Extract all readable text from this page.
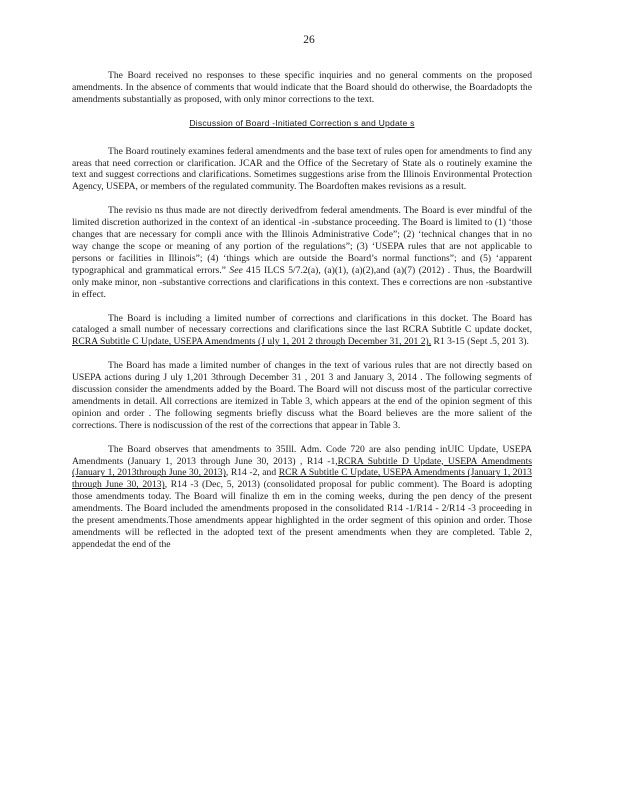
26

The Board received no responses to these specific inquiries and no general comments on the proposed amendments. In the absence of comments that would indicate that the Board should do otherwise, the Boardadopts the amendments substantially as proposed, with only minor corrections to the text.

Discussion of Board -Initiated Correction s and Update s

The Board routinely examines federal amendments and the base text of rules open for amendments to find any areas that need correction or clarification. JCAR and the Office of the Secretary of State als o routinely examine the text and suggest corrections and clarifications. Sometimes suggestions arise from the Illinois Environmental Protection Agency, USEPA, or members of the regulated community. The Boardoften makes revisions as a result.

The revisio ns thus made are not directly derivedfrom federal amendments. The Board is ever mindful of the limited discretion authorized in the context of an identical -in -substance proceeding. The Board is limited to (1) ‘those changes that are necessary for compli ance with the Illinois Administrative Code”; (2) ‘technical changes that in no way change the scope or meaning of any portion of the regulations”; (3) ‘USEPA rules that are not applicable to persons or facilities in Illinois”; (4) ‘things which are outside the Board’s normal functions”; and (5) ‘apparent typographical and grammatical errors.” See 415 ILCS 5/7.2(a), (a)(1), (a)(2),and (a)(7) (2012) . Thus, the Boardwill only make minor, non -substantive corrections and clarifications in this context. Thes e corrections are non -substantive in effect.

The Board is including a limited number of corrections and clarifications in this docket. The Board has cataloged a small number of necessary corrections and clarifications since the last RCRA Subtitle C update docket, RCRA Subtitle C Update, USEPA Amendments (J uly 1, 201 2 through December 31, 201 2), R1 3-15 (Sept .5, 201 3).

The Board has made a limited number of changes in the text of various rules that are not directly based on USEPA actions during J uly 1,201 3through December 31 , 201 3 and January 3, 2014 . The following segments of discussion consider the amendments added by the Board. The Board will not discuss most of the particular corrective amendments in detail. All corrections are itemized in Table 3, which appears at the end of the opinion segment of this opinion and order . The following segments briefly discuss what the Board believes are the more salient of the corrections. There is nodiscussion of the rest of the corrections that appear in Table 3.

The Board observes that amendments to 35Ill. Adm. Code 720 are also pending inUIC Update, USEPA Amendments (January 1, 2013 through June 30, 2013) , R14 -1,RCRA Subtitle D Update, USEPA Amendments (January 1, 2013through June 30, 2013), R14 -2, and RCR A Subtitle C Update, USEPA Amendments (January 1, 2013 through June 30, 2013), R14 -3 (Dec, 5, 2013) (consolidated proposal for public comment). The Board is adopting those amendments today. The Board will finalize th em in the coming weeks, during the pen dency of the present amendments. The Board included the amendments proposed in the consolidated R14 -1/R14 - 2/R14 -3 proceeding in the present amendments.Those amendments appear highlighted in the order segment of this opinion and order. Those amendments will be reflected in the adopted text of the present amendments when they are completed. Table 2, appendedat the end of the
